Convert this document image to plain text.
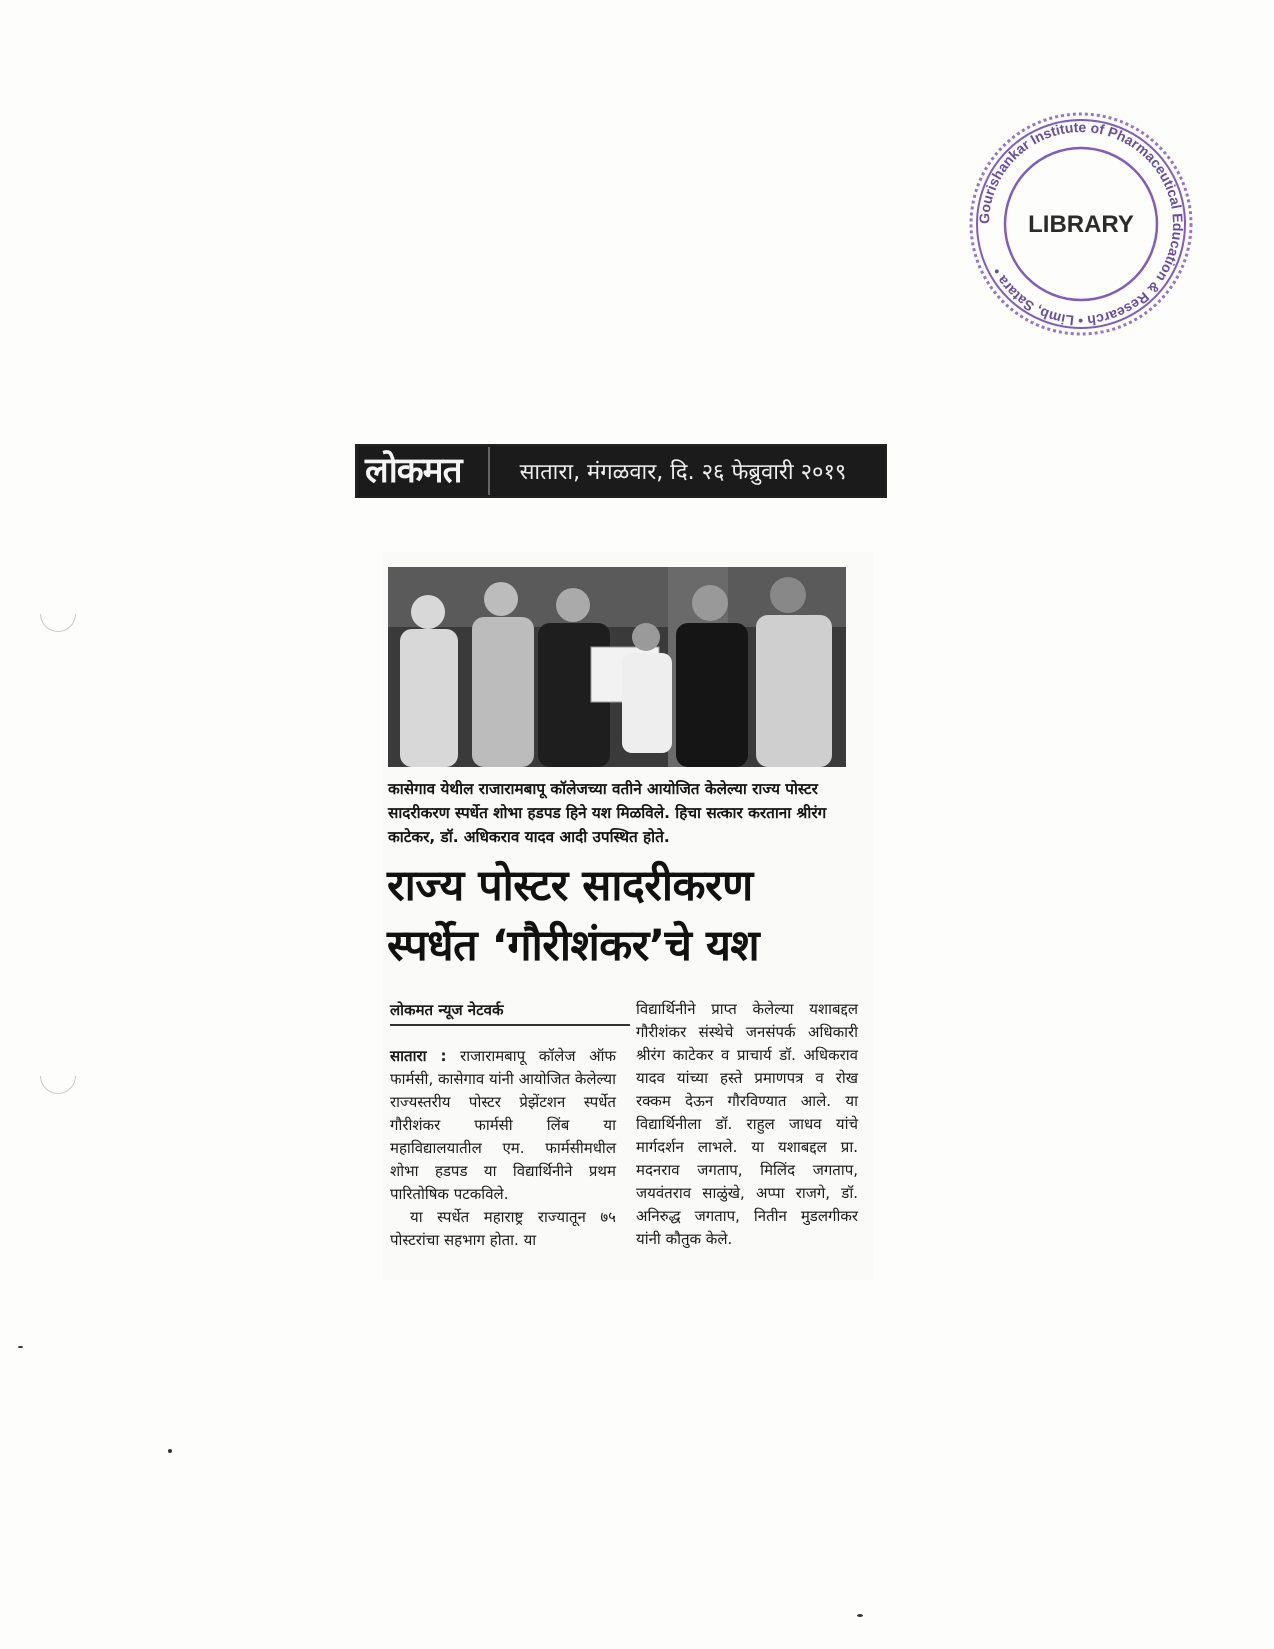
Gourishankar Institute of Pharmaceutical Education & Research • Limb, Satara •
LIBRARY
लोकमत	सातारा, मंगळवार, दि. २६ फेब्रुवारी २०१९
कासेगाव येथील राजारामबापू कॉलेजच्या वतीने आयोजित केलेल्या राज्य पोस्टर सादरीकरण स्पर्धेत शोभा हडपड हिने यश मिळविले. हिचा सत्कार करताना श्रीरंग काटेकर, डॉ. अधिकराव यादव आदी उपस्थित होते.
राज्य पोस्टर सादरीकरण
स्पर्धेत ‘गौरीशंकर’चे यश
लोकमत न्यूज नेटवर्क

सातारा : राजारामबापू कॉलेज ऑफ फार्मसी, कासेगाव यांनी आयोजित केलेल्या राज्यस्तरीय पोस्टर प्रेझेंटशन स्पर्धेत गौरीशंकर फार्मसी लिंब या महाविद्यालयातील एम. फार्मसीमधील शोभा हडपड या विद्यार्थिनीने प्रथम पारितोषिक पटकविले.

या स्पर्धेत महाराष्ट्र राज्यातून ७५ पोस्टरांचा सहभाग होता. या

विद्यार्थिनीने प्राप्त केलेल्या यशाबद्दल गौरीशंकर संस्थेचे जनसंपर्क अधिकारी श्रीरंग काटेकर व प्राचार्य डॉ. अधिकराव यादव यांच्या हस्ते प्रमाणपत्र व रोख रक्कम देऊन गौरविण्यात आले. या विद्यार्थिनीला डॉ. राहुल जाधव यांचे मार्गदर्शन लाभले. या यशाबद्दल प्रा. मदनराव जगताप, मिलिंद जगताप, जयवंतराव साळुंखे, अप्पा राजगे, डॉ. अनिरुद्ध जगताप, नितीन मुडलगीकर यांनी कौतुक केले.
